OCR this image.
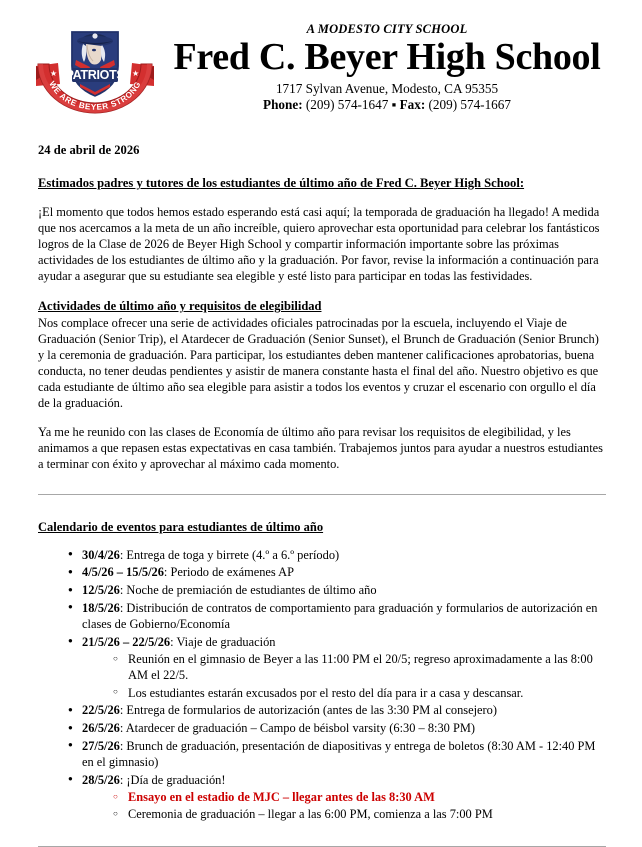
WE ARE BEYER STRONG
★	★
PATRIOTS
A MODESTO CITY SCHOOL
Fred C. Beyer High School
1717 Sylvan Avenue, Modesto, CA 95355
Phone: (209) 574-1647 ▪ Fax: (209) 574-1667
24 de abril de 2026
Estimados padres y tutores de los estudiantes de último año de Fred C. Beyer High School:

¡El momento que todos hemos estado esperando está casi aquí; la temporada de graduación ha llegado! A medida que nos acercamos a la meta de un año increíble, quiero aprovechar esta oportunidad para celebrar los fantásticos logros de la Clase de 2026 de Beyer High School y compartir información importante sobre las próximas actividades de los estudiantes de último año y la graduación. Por favor, revise la información a continuación para ayudar a asegurar que su estudiante sea elegible y esté listo para participar en todas las festividades.

Actividades de último año y requisitos de elegibilidad

Nos complace ofrecer una serie de actividades oficiales patrocinadas por la escuela, incluyendo el Viaje de Graduación (Senior Trip), el Atardecer de Graduación (Senior Sunset), el Brunch de Graduación (Senior Brunch) y la ceremonia de graduación. Para participar, los estudiantes deben mantener calificaciones aprobatorias, buena conducta, no tener deudas pendientes y asistir de manera constante hasta el final del año. Nuestro objetivo es que cada estudiante de último año sea elegible para asistir a todos los eventos y cruzar el escenario con orgullo el día de la graduación.

Ya me he reunido con las clases de Economía de último año para revisar los requisitos de elegibilidad, y les animamos a que repasen estas expectativas en casa también. Trabajemos juntos para ayudar a nuestros estudiantes a terminar con éxito y aprovechar al máximo cada momento.

Calendario de eventos para estudiantes de último año
● 30/4/26: Entrega de toga y birrete (4.º a 6.º período)
● 4/5/26 – 15/5/26: Periodo de exámenes AP
● 12/5/26: Noche de premiación de estudiantes de último año
● 18/5/26: Distribución de contratos de comportamiento para graduación y formularios de autorización en clases de Gobierno/Economía
● 21/5/26 – 22/5/26: Viaje de graduación
○ Reunión en el gimnasio de Beyer a las 11:00 PM el 20/5; regreso aproximadamente a las 8:00 AM el 22/5.
○ Los estudiantes estarán excusados por el resto del día para ir a casa y descansar.
● 22/5/26: Entrega de formularios de autorización (antes de las 3:30 PM al consejero)
● 26/5/26: Atardecer de graduación – Campo de béisbol varsity (6:30 – 8:30 PM)
● 27/5/26: Brunch de graduación, presentación de diapositivas y entrega de boletos (8:30 AM - 12:40 PM en el gimnasio)
● 28/5/26: ¡Día de graduación!
○ Ensayo en el estadio de MJC – llegar antes de las 8:30 AM
○ Ceremonia de graduación – llegar a las 6:00 PM, comienza a las 7:00 PM
